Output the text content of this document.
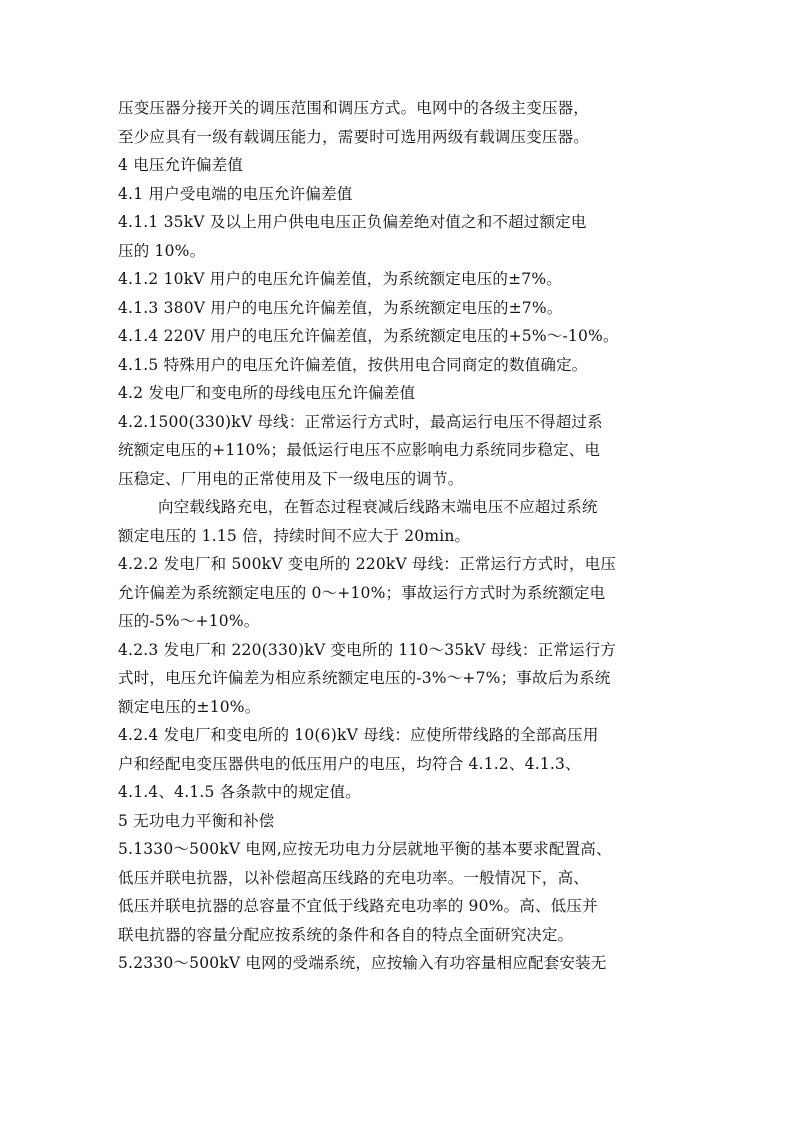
压变压器分接开关的调压范围和调压方式。电网中的各级主变压器，
至少应具有一级有载调压能力，需要时可选用两级有载调压变压器。
4 电压允许偏差值
4.1 用户受电端的电压允许偏差值
4.1.1 35kV 及以上用户供电电压正负偏差绝对值之和不超过额定电
压的 10%。
4.1.2 10kV 用户的电压允许偏差值，为系统额定电压的±7%。
4.1.3 380V 用户的电压允许偏差值，为系统额定电压的±7%。
4.1.4 220V 用户的电压允许偏差值，为系统额定电压的+5%～-10%。
4.1.5 特殊用户的电压允许偏差值，按供用电合同商定的数值确定。
4.2 发电厂和变电所的母线电压允许偏差值
4.2.1500(330)kV 母线：正常运行方式时，最高运行电压不得超过系
统额定电压的+110%；最低运行电压不应影响电力系统同步稳定、电
压稳定、厂用电的正常使用及下一级电压的调节。
向空载线路充电，在暂态过程衰减后线路末端电压不应超过系统
额定电压的 1.15 倍，持续时间不应大于 20min。
4.2.2 发电厂和 500kV 变电所的 220kV 母线：正常运行方式时，电压
允许偏差为系统额定电压的 0～+10%；事故运行方式时为系统额定电
压的-5%～+10%。
4.2.3 发电厂和 220(330)kV 变电所的 110～35kV 母线：正常运行方
式时，电压允许偏差为相应系统额定电压的-3%～+7%；事故后为系统
额定电压的±10%。
4.2.4 发电厂和变电所的 10(6)kV 母线：应使所带线路的全部高压用
户和经配电变压器供电的低压用户的电压，均符合 4.1.2、4.1.3、
4.1.4、4.1.5 各条款中的规定值。
5 无功电力平衡和补偿
5.1330～500kV 电网,应按无功电力分层就地平衡的基本要求配置高、
低压并联电抗器，以补偿超高压线路的充电功率。一般情况下，高、
低压并联电抗器的总容量不宜低于线路充电功率的 90%。高、低压并
联电抗器的容量分配应按系统的条件和各自的特点全面研究决定。
5.2330～500kV 电网的受端系统，应按输入有功容量相应配套安装无
